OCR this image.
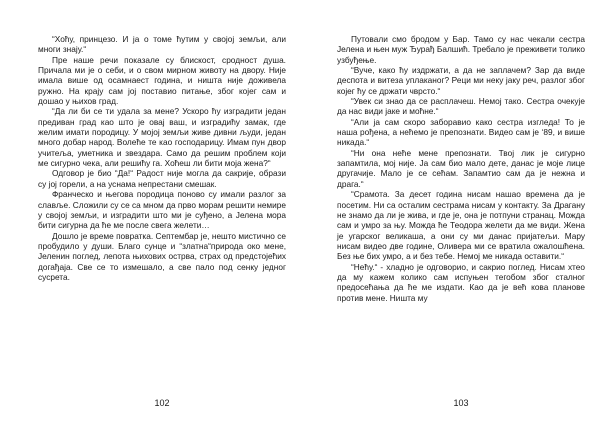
“Хоћу, принцезо. И ја о томе ћутим у својој земљи, али многи знају.“

Пре наше речи показале су блискост, сродност душа. Причала ми је о себи, и о свом мирном животу на двору. Није имала више од осамнаест година, и ништа није доживела ружно. На крају сам јој поставио питање, због којег сам и дошао у њихов град.

“Да ли би се ти удала за мене? Ускоро ћу изградити један предиван град као што је овај ваш, и изградићу замак, где желим имати породицу. У мојој земљи живе дивни људи, један много добар народ. Волеће те као господарицу. Имам пун двор учитеља, уметника и звездара. Само да решим проблем који ме сигурно чека, али решићу га. Хоћеш ли бити моја жена?“

Одговор је био “Да!“ Радост није могла да сакрије, образи су јој горели, а на уснама непрестани смешак.

Франческо и његова породица поново су имали разлог за славље. Сложили су се са мном да прво морам решити немире у својој земљи, и изградити што ми је суђено, а Јелена мора бити сигурна да ће ме после свега желети…

Дошло је време повратка. Септембар је, нешто мистично се пробудило у души. Благо сунце и “златна“природа око мене, Јеленин поглед, лепота њихових острва, страх од предстојећих догађаја. Све се то измешало, а све пало под сенку једног сусрета.

102

Путовали смо бродом у Бар. Тамо су нас чекали сестра Јелена и њен муж Ђурађ Балшић. Требало је преживети толико узбуђење.

“Вуче, како ћу издржати, а да не заплачем? Зар да виде деспота и витеза уплаканог? Реци ми неку јаку реч, разлог због којег ћу се држати чврсто.“

“Увек си знао да се расплачеш. Немој тако. Сестра очекује да нас види јаке и моћне.“

“Али ја сам скоро заборавио како сестра изгледа! То је наша рођена, а нећемо је препознати. Видео сам је ‘89, и више никада.“

“Ни она неће мене препознати. Твој лик је сигурно запамтила, мој није. Ја сам био мало дете, данас је моје лице другачије. Мало је се сећам. Запамтио сам да је нежна и драга.“

“Срамота. За десет година нисам нашао времена да је посетим. Ни са осталим сестрама нисам у контакту. За Драгану не знамо да ли је жива, и где је, она је потпуни странац. Можда сам и умро за њу. Можда ће Теодора желети да ме види. Жена је угарског великаша, а они су ми данас пријатељи. Мару нисам видео две године, Оливера ми се вратила ожалошћена. Без ње бих умро, а и без тебе. Немој ме никада оставити.“

“Нећу.“ - хладно је одговорио, и сакрио поглед. Нисам хтео да му кажем колико сам испуњен тегобом због сталног предосећања да ће ме издати. Као да је већ кова планове против мене. Ништа му

103
